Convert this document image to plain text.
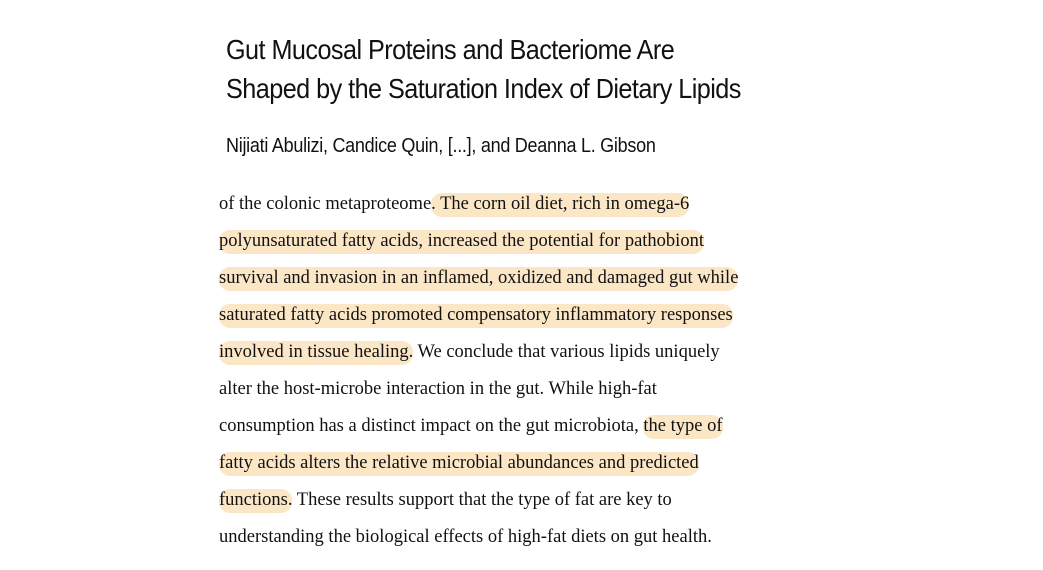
Gut Mucosal Proteins and Bacteriome Are
Shaped by the Saturation Index of Dietary Lipids

Nijiati Abulizi, Candice Quin, [...], and Deanna L. Gibson

of the colonic metaproteome. The corn oil diet, rich in omega-6
polyunsaturated fatty acids, increased the potential for pathobiont
survival and invasion in an inflamed, oxidized and damaged gut while
saturated fatty acids promoted compensatory inflammatory responses
involved in tissue healing. We conclude that various lipids uniquely
alter the host-microbe interaction in the gut. While high-fat
consumption has a distinct impact on the gut microbiota, the type of
fatty acids alters the relative microbial abundances and predicted
functions. These results support that the type of fat are key to
understanding the biological effects of high-fat diets on gut health.
